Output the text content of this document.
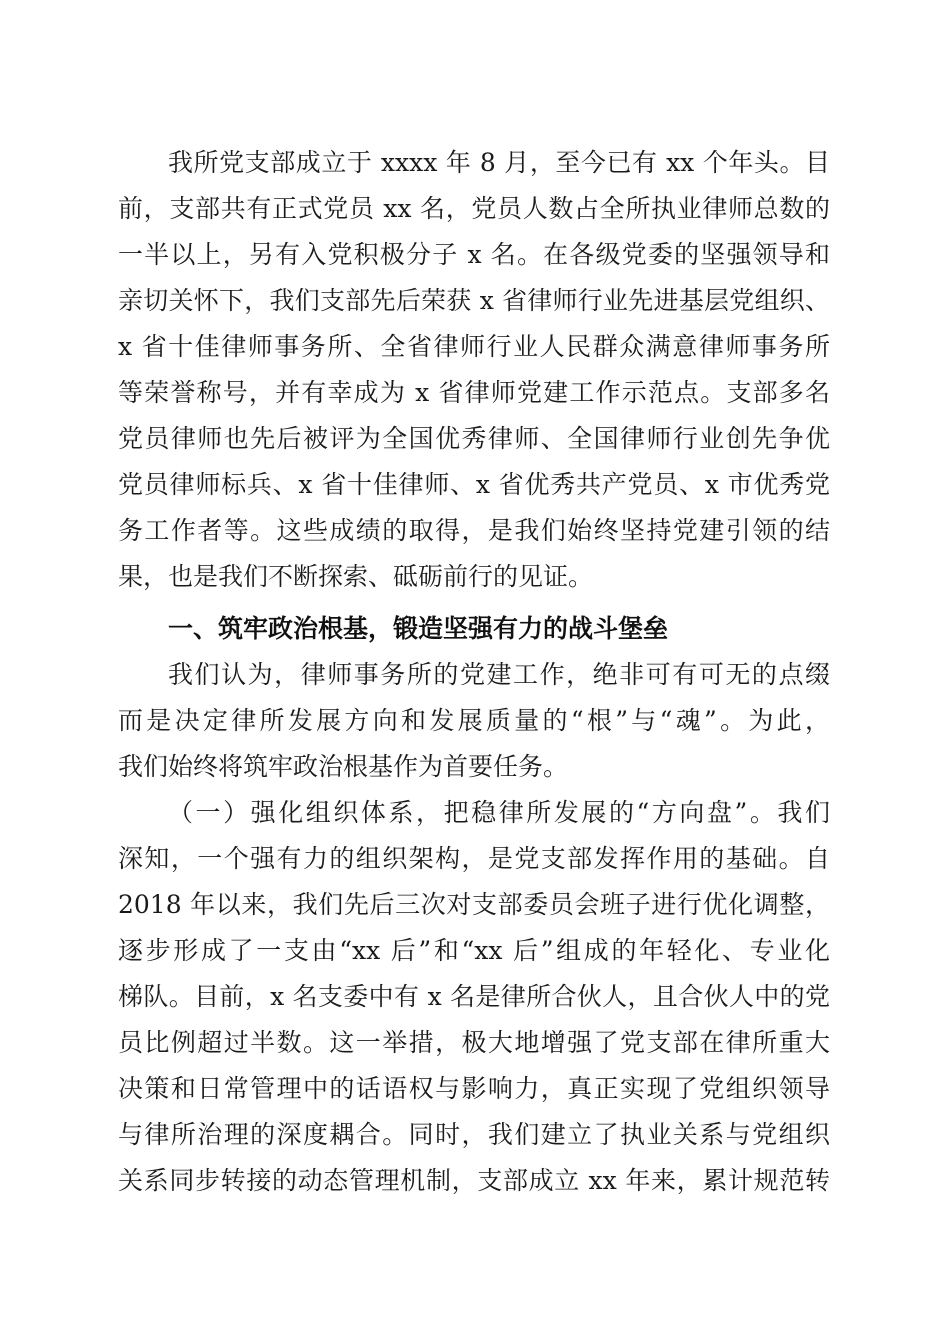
我所党支部成立于 xxxx 年 8 月，至今已有 xx 个年头。目
前，支部共有正式党员 xx 名，党员人数占全所执业律师总数的
一半以上，另有入党积极分子 x 名。在各级党委的坚强领导和
亲切关怀下，我们支部先后荣获 x 省律师行业先进基层党组织、
x 省十佳律师事务所、全省律师行业人民群众满意律师事务所
等荣誉称号，并有幸成为 x 省律师党建工作示范点。支部多名
党员律师也先后被评为全国优秀律师、全国律师行业创先争优
党员律师标兵、x 省十佳律师、x 省优秀共产党员、x 市优秀党
务工作者等。这些成绩的取得，是我们始终坚持党建引领的结
果，也是我们不断探索、砥砺前行的见证。
一、筑牢政治根基，锻造坚强有力的战斗堡垒
我们认为，律师事务所的党建工作，绝非可有可无的点缀
而是决定律所发展方向和发展质量的“根”与“魂”。为此，
我们始终将筑牢政治根基作为首要任务。
（一）强化组织体系，把稳律所发展的“方向盘”。我们
深知，一个强有力的组织架构，是党支部发挥作用的基础。自
2018 年以来，我们先后三次对支部委员会班子进行优化调整，
逐步形成了一支由“xx 后”和“xx 后”组成的年轻化、专业化
梯队。目前，x 名支委中有 x 名是律所合伙人，且合伙人中的党
员比例超过半数。这一举措，极大地增强了党支部在律所重大
决策和日常管理中的话语权与影响力，真正实现了党组织领导
与律所治理的深度耦合。同时，我们建立了执业关系与党组织
关系同步转接的动态管理机制，支部成立 xx 年来，累计规范转
